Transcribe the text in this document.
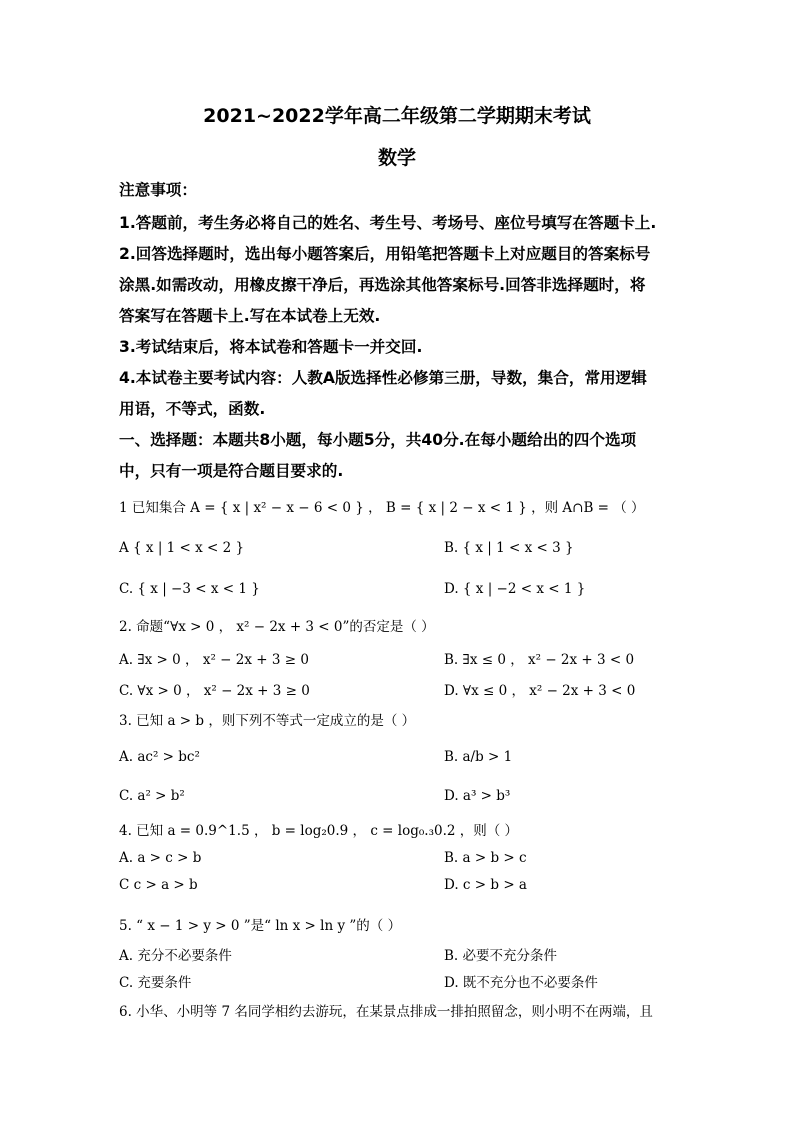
2021~2022学年高二年级第二学期期末考试
数学
注意事项：
1.答题前，考生务必将自己的姓名、考生号、考场号、座位号填写在答题卡上.
2.回答选择题时，选出每小题答案后，用铅笔把答题卡上对应题目的答案标号
涂黑.如需改动，用橡皮擦干净后，再选涂其他答案标号.回答非选择题时，将
答案写在答题卡上.写在本试卷上无效.
3.考试结束后，将本试卷和答题卡一并交回.
4.本试卷主要考试内容：人教A版选择性必修第三册，导数，集合，常用逻辑
用语，不等式，函数.
一、选择题：本题共8小题，每小题5分，共40分.在每小题给出的四个选项
中，只有一项是符合题目要求的.
1 已知集合 A = { x | x² − x − 6 < 0 } ， B = { x | 2 − x < 1 } ，则 A∩B = （ ）
A { x | 1 < x < 2 }	B. { x | 1 < x < 3 }
C. { x | −3 < x < 1 }	D. { x | −2 < x < 1 }
2. 命题“∀x > 0 ， x² − 2x + 3 < 0”的否定是（ ）
A. ∃x > 0 ， x² − 2x + 3 ≥ 0	B. ∃x ≤ 0 ， x² − 2x + 3 < 0
C. ∀x > 0 ， x² − 2x + 3 ≥ 0	D. ∀x ≤ 0 ， x² − 2x + 3 < 0
3. 已知 a > b ，则下列不等式一定成立的是（ ）
A. ac² > bc²	B. a/b > 1
C. a² > b²	D. a³ > b³
4. 已知 a = 0.9^1.5 ， b = log₂0.9 ， c = log₀.₃0.2 ，则（ ）
A. a > c > b	B. a > b > c
C c > a > b	D. c > b > a
5. “ x − 1 > y > 0 ”是“ ln x > ln y ”的（ ）
A. 充分不必要条件	B. 必要不充分条件
C. 充要条件	D. 既不充分也不必要条件
6. 小华、小明等 7 名同学相约去游玩，在某景点排成一排拍照留念，则小明不在两端，且
